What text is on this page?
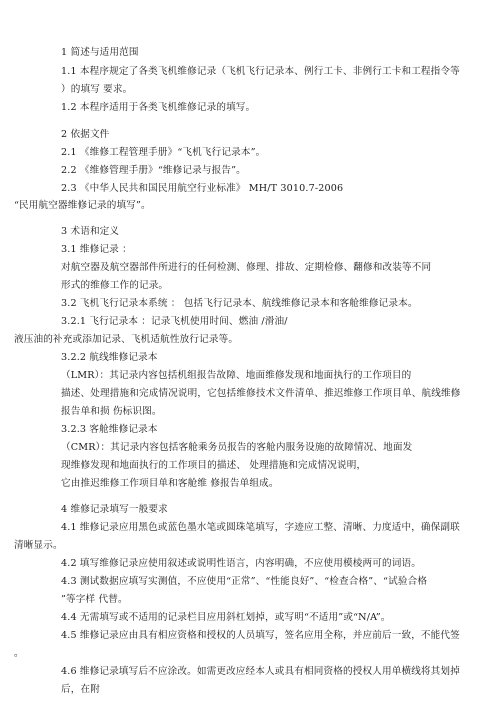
1 简述与适用范围
1.1 本程序规定了各类飞机维修记录（飞机飞行记录本、例行工卡、非例行工卡和工程指令等
）的填写 要求。
1.2 本程序适用于各类飞机维修记录的填写。
2 依据文件
2.1 《维修工程管理手册》“飞机飞行记录本”。
2.2 《维修管理手册》“维修记录与报告”。
2.3 《中华人民共和国民用航空行业标准》 MH/T 3010.7-2006
“民用航空器维修记录的填写”。
3 术语和定义
3.1 维修记录 ：
对航空器及航空器部件所进行的任何检测、修理、排故、定期检修、翻修和改装等不同
形式的维修工作的记录。
3.2 飞机飞行记录本系统 ： 包括飞行记录本、航线维修记录本和客舱维修记录本。
3.2.1 飞行记录本 ：记录飞机使用时间、燃油 /滑油/
液压油的补充或添加记录、飞机适航性放行记录等。
3.2.2 航线维修记录本
（LMR）：其记录内容包括机组报告故障、地面维修发现和地面执行的工作项目的
描述、处理措施和完成情况说明，它包括维修技术文件清单、推迟维修工作项目单、航线维修
报告单和损 伤标识图。
3.2.3 客舱维修记录本
（CMR）：其记录内容包括客舱乘务员报告的客舱内服务设施的故障情况、地面发
现维修发现和地面执行的工作项目的描述、 处理措施和完成情况说明，
它由推迟维修工作项目单和客舱维 修报告单组成。
4 维修记录填写一般要求
4.1 维修记录应用黑色或蓝色墨水笔或圆珠笔填写，字迹应工整、清晰、力度适中，确保副联
清晰显示。
4.2 填写维修记录应使用叙述或说明性语言，内容明确，不应使用模棱两可的词语。
4.3 测试数据应填写实测值，不应使用“正常”、“性能良好”、“检查合格”、“试验合格
”等字样 代替。
4.4 无需填写或不适用的记录栏目应用斜杠划掉，或写明“不适用”或“N/A”。
4.5 维修记录应由具有相应资格和授权的人员填写，签名应用全称，并应前后一致，不能代签
。
4.6 维修记录填写后不应涂改。如需更改应经本人或具有相同资格的授权人用单横线将其划掉
后，在附
